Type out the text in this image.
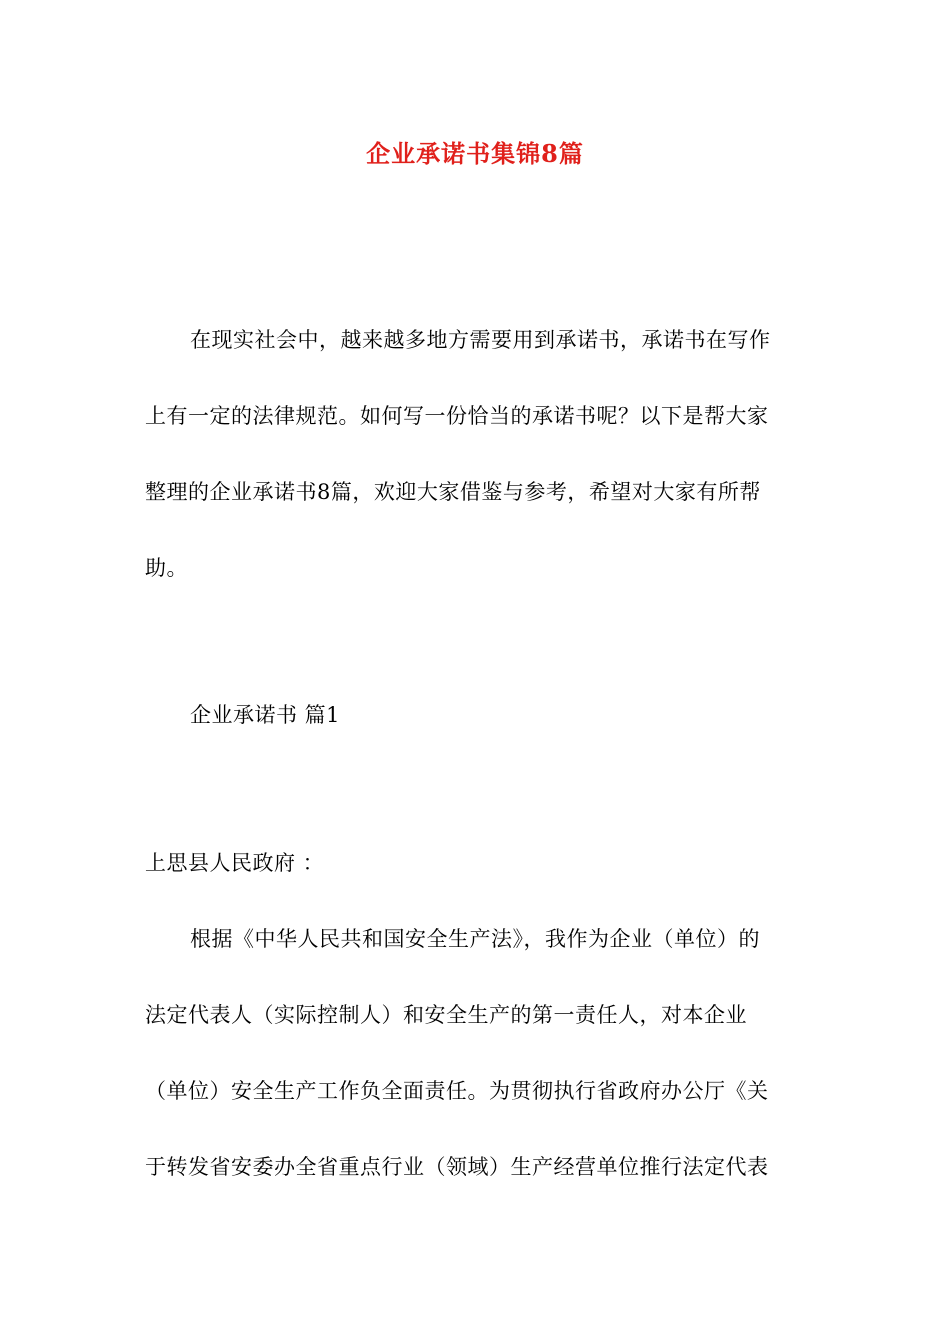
企业承诺书集锦8篇
在现实社会中，越来越多地方需要用到承诺书，承诺书在写作
上有一定的法律规范。如何写一份恰当的承诺书呢？以下是帮大家
整理的企业承诺书8篇，欢迎大家借鉴与参考，希望对大家有所帮
助。
企业承诺书 篇1
上思县人民政府 ：
根据《中华人民共和国安全生产法》，我作为企业（单位）的
法定代表人（实际控制人）和安全生产的第一责任人，对本企业
（单位）安全生产工作负全面责任。为贯彻执行省政府办公厅《关
于转发省安委办全省重点行业（领域）生产经营单位推行法定代表
